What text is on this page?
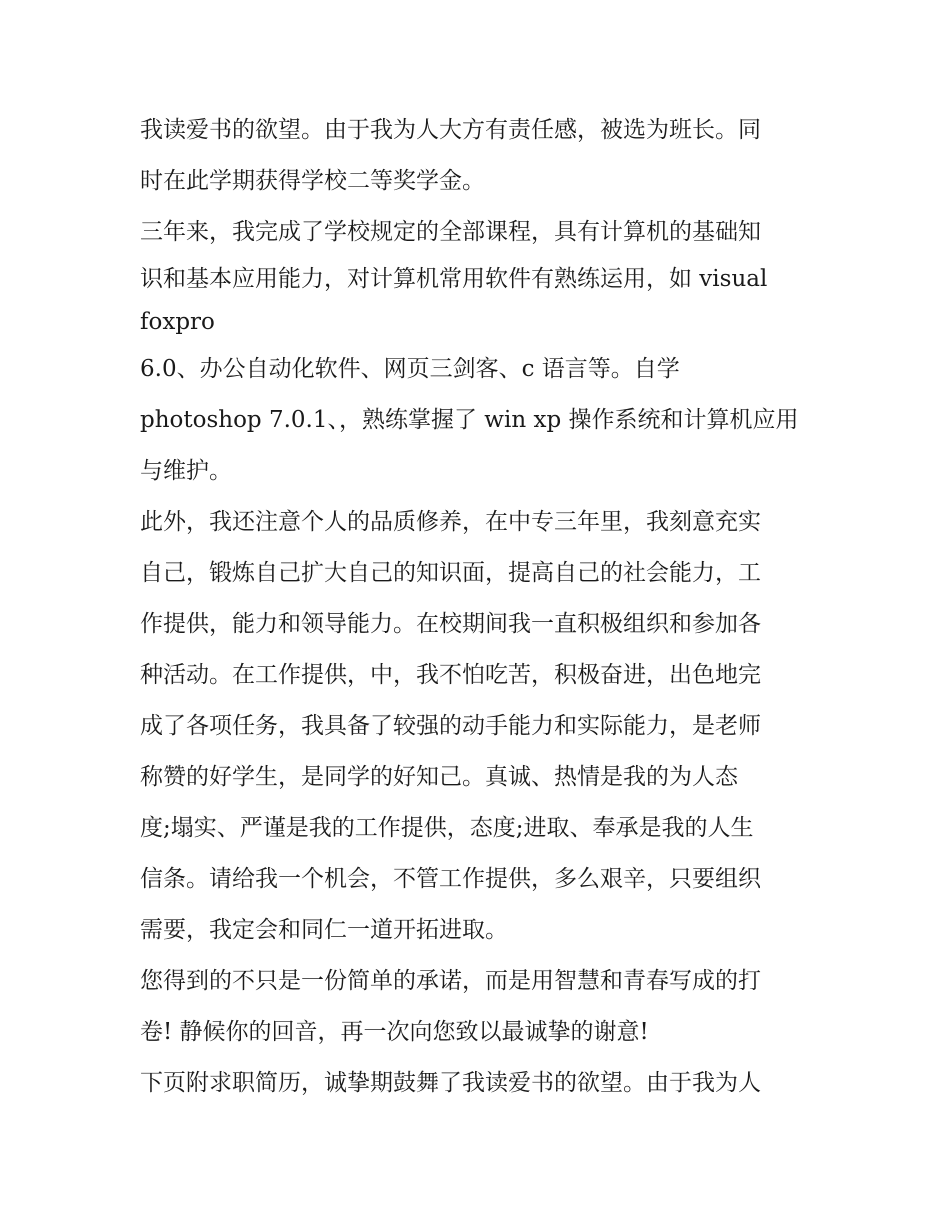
我读爱书的欲望。由于我为人大方有责任感，被选为班长。同
时在此学期获得学校二等奖学金。
三年来，我完成了学校规定的全部课程，具有计算机的基础知
识和基本应用能力，对计算机常用软件有熟练运用，如 visual
foxpro
6.0、办公自动化软件、网页三剑客、c 语言等。自学
photoshop 7.0.1、，熟练掌握了 win xp 操作系统和计算机应用
与维护。
此外，我还注意个人的品质修养，在中专三年里，我刻意充实
自己，锻炼自己扩大自己的知识面，提高自己的社会能力，工
作提供，能力和领导能力。在校期间我一直积极组织和参加各
种活动。在工作提供，中，我不怕吃苦，积极奋进，出色地完
成了各项任务，我具备了较强的动手能力和实际能力，是老师
称赞的好学生，是同学的好知己。真诚、热情是我的为人态
度;塌实、严谨是我的工作提供，态度;进取、奉承是我的人生
信条。请给我一个机会，不管工作提供，多么艰辛，只要组织
需要，我定会和同仁一道开拓进取。
您得到的不只是一份简单的承诺，而是用智慧和青春写成的打
卷! 静候你的回音，再一次向您致以最诚挚的谢意!
下页附求职简历，诚挚期鼓舞了我读爱书的欲望。由于我为人
